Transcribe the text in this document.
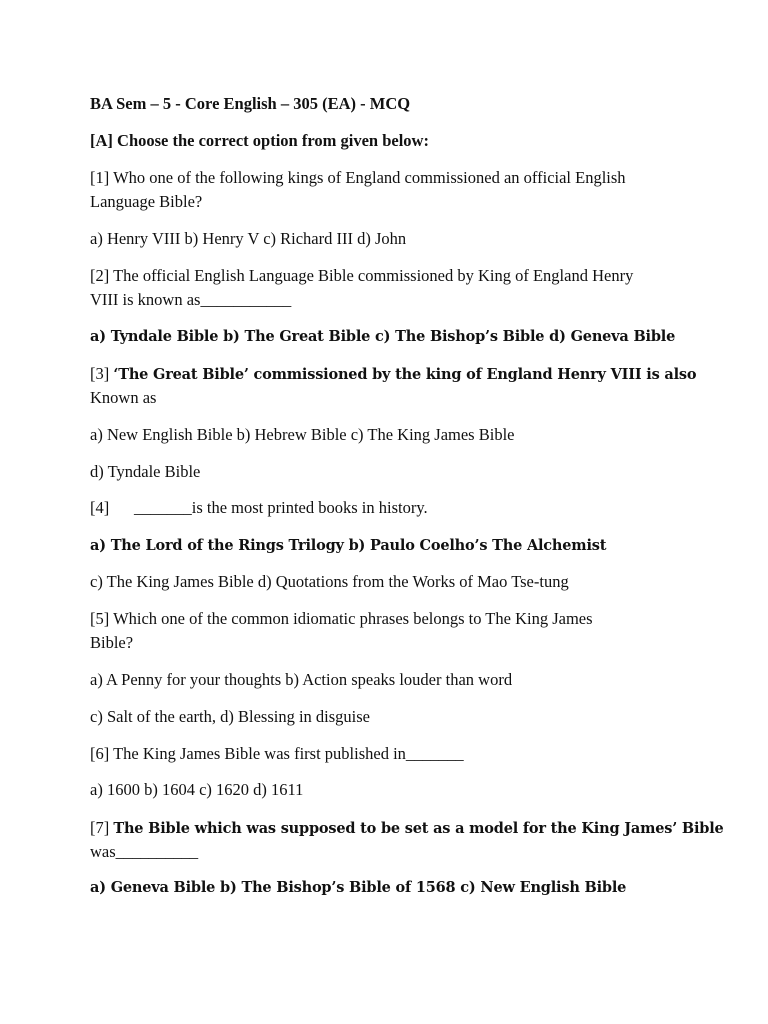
BA Sem – 5 - Core English – 305 (EA) - MCQ
[A] Choose the correct option from given below:
[1] Who one of the following kings of England commissioned an official English
Language Bible?
a) Henry VIII b) Henry V c) Richard III d) John
[2] The official English Language Bible commissioned by King of England Henry
VIII is known as___________
a) Tyndale Bible b) The Great Bible c) The Bishop’s Bible d) Geneva Bible
[3] ‘The Great Bible’ commissioned by the king of England Henry VIII is also
Known as
a) New English Bible b) Hebrew Bible c) The King James Bible
d) Tyndale Bible
[4]      _______is the most printed books in history.
a) The Lord of the Rings Trilogy b) Paulo Coelho’s The Alchemist
c) The King James Bible d) Quotations from the Works of Mao Tse-tung
[5] Which one of the common idiomatic phrases belongs to The King James
Bible?
a) A Penny for your thoughts b) Action speaks louder than word
c) Salt of the earth, d) Blessing in disguise
[6] The King James Bible was first published in_______
a) 1600 b) 1604 c) 1620 d) 1611
[7] The Bible which was supposed to be set as a model for the King James’ Bible
was__________
a) Geneva Bible b) The Bishop’s Bible of 1568 c) New English Bible
